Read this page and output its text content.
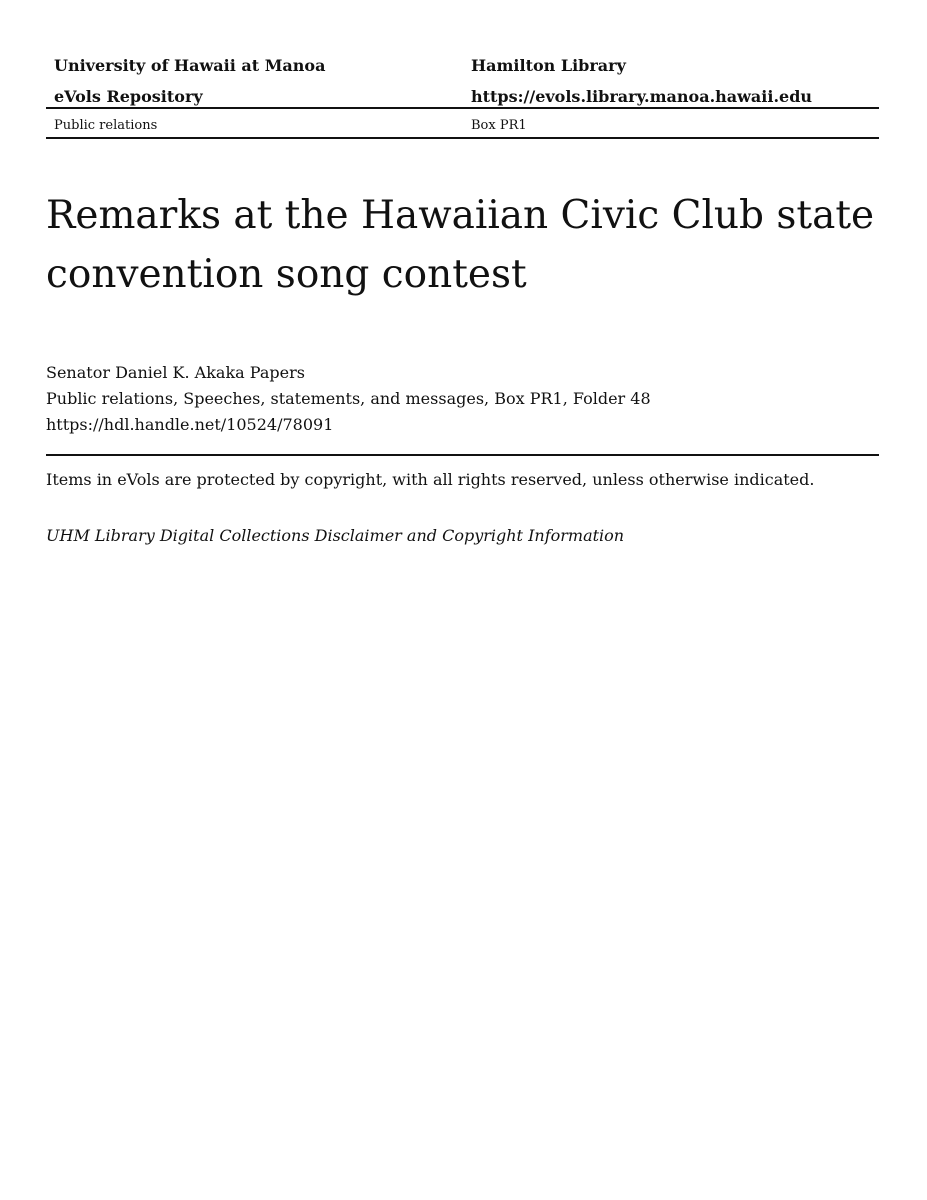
University of Hawaii at Manoa	Hamilton Library
eVols Repository	https://evols.library.manoa.hawaii.edu
Public relations	Box PR1
Remarks at the Hawaiian Civic Club state convention song contest
Senator Daniel K. Akaka Papers
Public relations, Speeches, statements, and messages, Box PR1, Folder 48
https://hdl.handle.net/10524/78091
Items in eVols are protected by copyright, with all rights reserved, unless otherwise indicated.
UHM Library Digital Collections Disclaimer and Copyright Information
